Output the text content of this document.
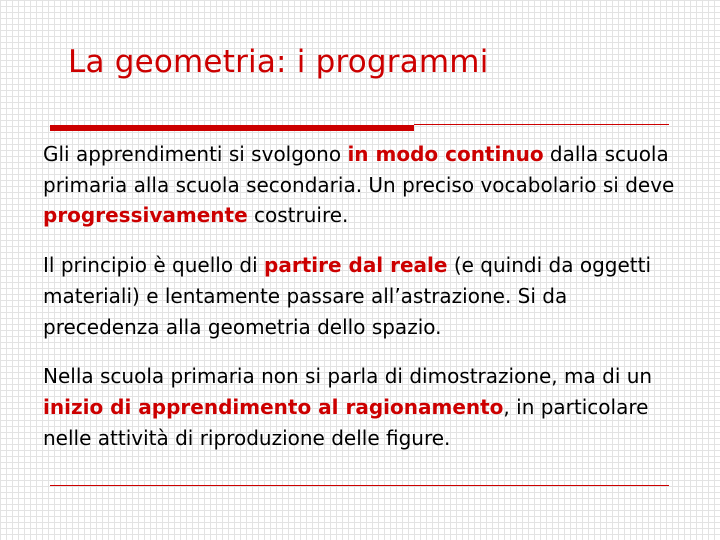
La geometria: i programmi

Gli apprendimenti si svolgono in modo continuo dalla scuola primaria alla scuola secondaria. Un preciso vocabolario si deve progressivamente costruire.

Il principio è quello di partire dal reale (e quindi da oggetti materiali) e lentamente passare all’astrazione. Si da precedenza alla geometria dello spazio.

Nella scuola primaria non si parla di dimostrazione, ma di un inizio di apprendimento al ragionamento, in particolare nelle attività di riproduzione delle figure.
